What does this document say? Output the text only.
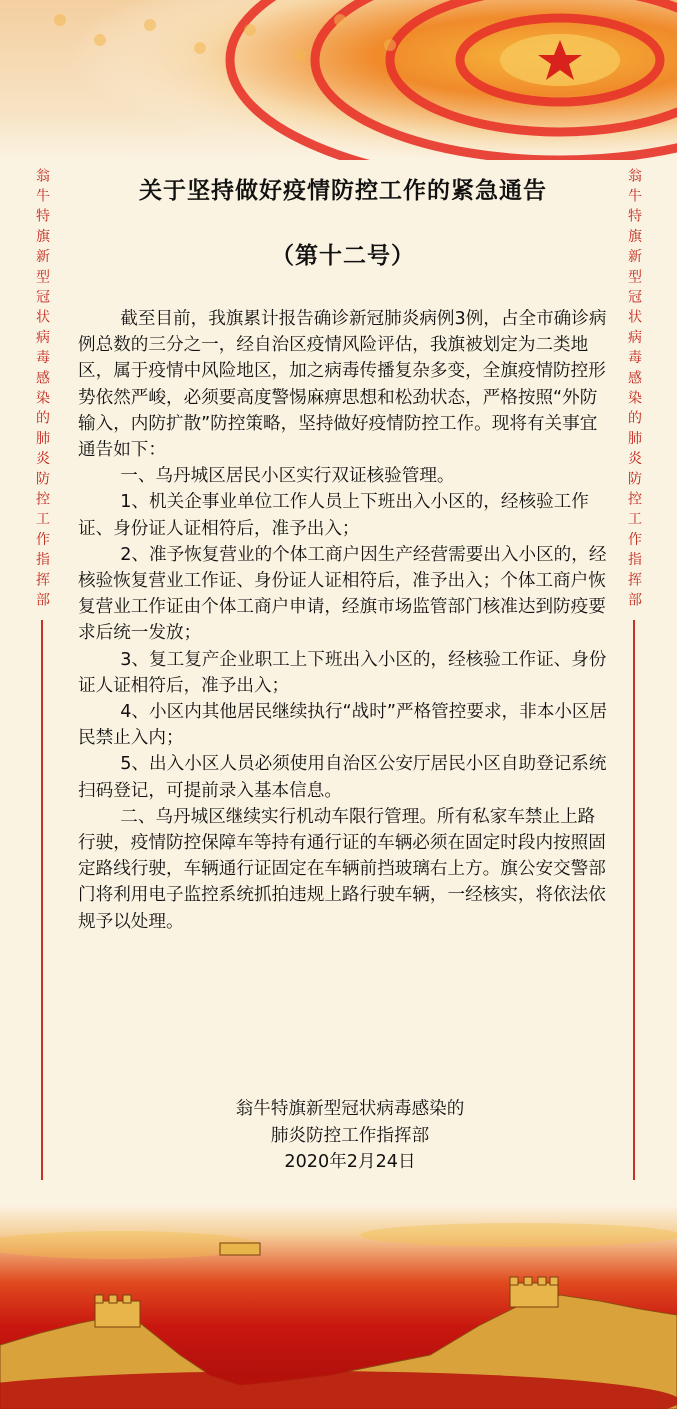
翁牛特旗新型冠状病毒感染的肺炎防控工作指挥部	翁牛特旗新型冠状病毒感染的肺炎防控工作指挥部
关于坚持做好疫情防控工作的紧急通告
（第十二号）

截至目前，我旗累计报告确诊新冠肺炎病例3例，占全市确诊病例总数的三分之一，经自治区疫情风险评估，我旗被划定为二类地区，属于疫情中风险地区，加之病毒传播复杂多变，全旗疫情防控形势依然严峻，必须要高度警惕麻痹思想和松劲状态，严格按照“外防输入，内防扩散”防控策略，坚持做好疫情防控工作。现将有关事宜通告如下：

一、乌丹城区居民小区实行双证核验管理。

1、机关企事业单位工作人员上下班出入小区的，经核验工作证、身份证人证相符后，准予出入；

2、准予恢复营业的个体工商户因生产经营需要出入小区的，经核验恢复营业工作证、身份证人证相符后，准予出入；个体工商户恢复营业工作证由个体工商户申请，经旗市场监管部门核准达到防疫要求后统一发放；

3、复工复产企业职工上下班出入小区的，经核验工作证、身份证人证相符后，准予出入；

4、小区内其他居民继续执行“战时”严格管控要求，非本小区居民禁止入内；

5、出入小区人员必须使用自治区公安厅居民小区自助登记系统扫码登记，可提前录入基本信息。

二、乌丹城区继续实行机动车限行管理。所有私家车禁止上路行驶，疫情防控保障车等持有通行证的车辆必须在固定时段内按照固定路线行驶，车辆通行证固定在车辆前挡玻璃右上方。旗公安交警部门将利用电子监控系统抓拍违规上路行驶车辆，一经核实，将依法依规予以处理。

翁牛特旗新型冠状病毒感染的
肺炎防控工作指挥部
2020年2月24日
